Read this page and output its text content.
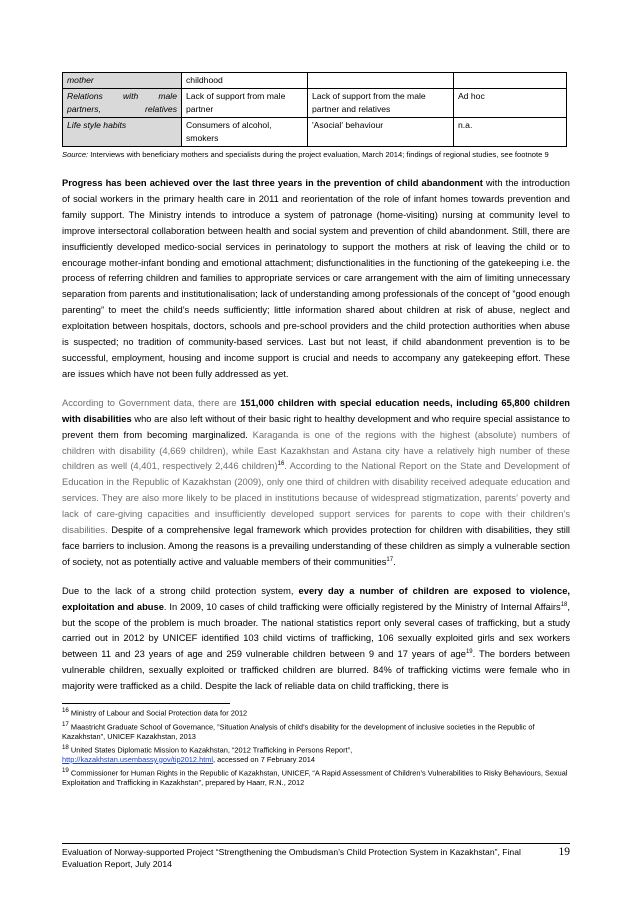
mother	childhood		
Relations with male partners, relatives	Lack of support from male partner	Lack of support from the male partner and relatives	Ad hoc
Life style habits	Consumers of alcohol, smokers	'Asocial' behaviour	n.a.
Source: Interviews with beneficiary mothers and specialists during the project evaluation, March 2014; findings of regional studies, see footnote 9

Progress has been achieved over the last three years in the prevention of child abandonment with the introduction of social workers in the primary health care in 2011 and reorientation of the role of infant homes towards prevention and family support. The Ministry intends to introduce a system of patronage (home-visiting) nursing at community level to improve intersectoral collaboration between health and social system and prevention of child abandonment. Still, there are insufficiently developed medico-social services in perinatology to support the mothers at risk of leaving the child or to encourage mother-infant bonding and emotional attachment; disfunctionalities in the functioning of the gatekeeping i.e. the process of referring children and families to appropriate services or care arrangement with the aim of limiting unnecessary separation from parents and institutionalisation; lack of understanding among professionals of the concept of ”good enough parenting” to meet the child’s needs sufficiently; little information shared about children at risk of abuse, neglect and exploitation between hospitals, doctors, schools and pre-school providers and the child protection authorities when abuse is suspected; no tradition of community-based services. Last but not least, if child abandonment prevention is to be successful, employment, housing and income support is crucial and needs to accompany any gatekeeping effort. These are issues which have not been fully addressed as yet.

According to Government data, there are 151,000 children with special education needs, including 65,800 children with disabilities who are also left without of their basic right to healthy development and who require special assistance to prevent them from becoming marginalized. Karaganda is one of the regions with the highest (absolute) numbers of children with disability (4,669 children), while East Kazakhstan and Astana city have a relatively high number of these children as well (4,401, respectively 2,446 children)$^{16}$. According to the National Report on the State and Development of Education in the Republic of Kazakhstan (2009), only one third of children with disability received adequate education and services. They are also more likely to be placed in institutions because of widespread stigmatization, parents’ poverty and lack of care-giving capacities and insufficiently developed support services for parents to cope with their children’s disabilities. Despite of a comprehensive legal framework which provides protection for children with disabilities, they still face barriers to inclusion. Among the reasons is a prevailing understanding of these children as simply a vulnerable section of society, not as potentially active and valuable members of their communities$^{17}$.

Due to the lack of a strong child protection system, every day a number of children are exposed to violence, exploitation and abuse. In 2009, 10 cases of child trafficking were officially registered by the Ministry of Internal Affairs$^{18}$, but the scope of the problem is much broader. The national statistics report only several cases of trafficking, but a study carried out in 2012 by UNICEF identified 103 child victims of trafficking, 106 sexually exploited girls and sex workers between 11 and 23 years of age and 259 vulnerable children between 9 and 17 years of age$^{19}$. The borders between vulnerable children, sexually exploited or trafficked children are blurred. 84% of trafficking victims were female who in majority were trafficked as a child. Despite the lack of reliable data on child trafficking, there is

$^{16}$ Ministry of Labour and Social Protection data for 2012
$^{17}$ Maastricht Graduate School of Governance, ”Situation Analysis of child’s disability for the development of inclusive societies in the Republic of Kazakhstan”, UNICEF Kazakhstan, 2013
$^{18}$ United States Diplomatic Mission to Kazakhstan, “2012 Trafficking in Persons Report”,
http://kazakhstan.usembassy.gov/tip2012.html, accessed on 7 February 2014
$^{19}$ Commissioner for Human Rights in the Republic of Kazakhstan, UNICEF, “A Rapid Assessment of Children’s Vulnerabilities to Risky Behaviours, Sexual Exploitation and Trafficking in Kazakhstan”, prepared by Haarr, R.N., 2012
Evaluation of Norway-supported Project “Strengthening the Ombudsman’s Child Protection System in Kazakhstan”, Final Evaluation Report, July 2014
19
